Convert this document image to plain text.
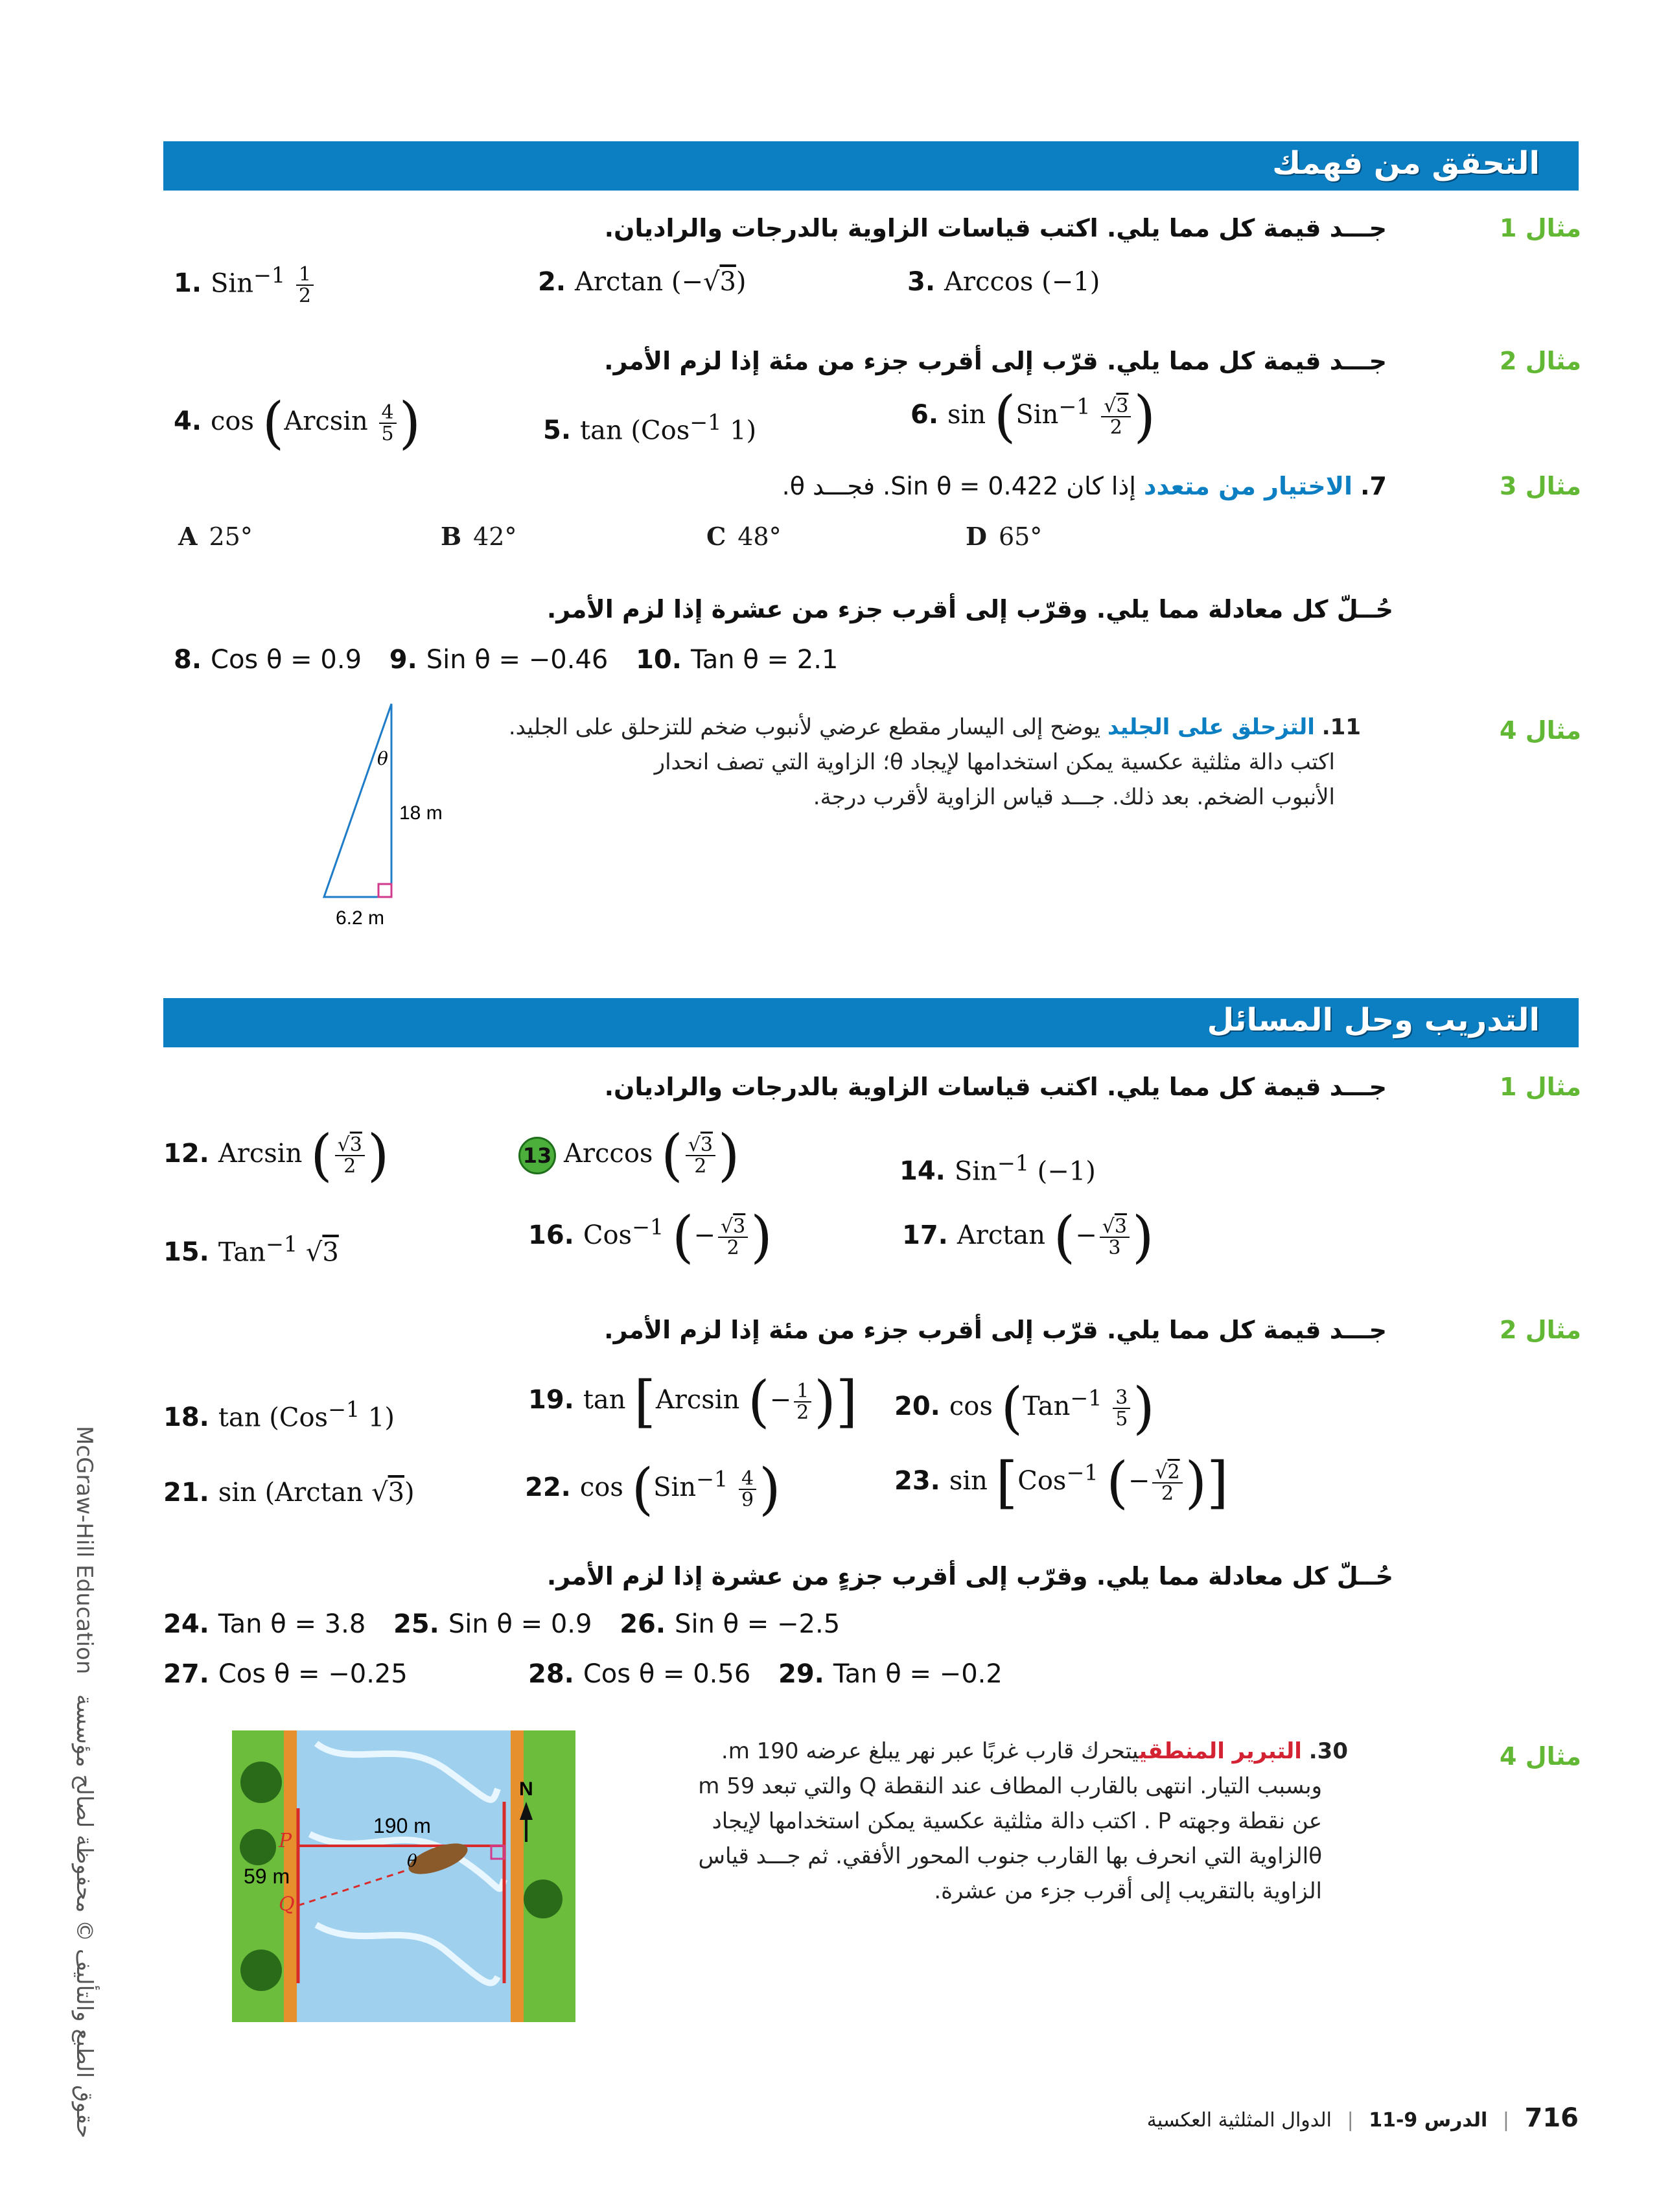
التحقق من فهمك
مثال 1
جـــد قيمة كل مما يلي. اكتب قياسات الزاوية بالدرجات والراديان.
1. $Sin^{-1} \frac{1}{2}$	2. Arctan (−√3)	3. Arccos (−1)
مثال 2
جـــد قيمة كل مما يلي. قرّب إلى أقرب جزء من مئة إذا لزم الأمر.
4. $\cos (Arcsin \frac{4}{5}$ )	5. tan (Cos$^{-1}$ 1)
6. $\sin (Sin^{-1} \frac{√3}{2}$ )
مثال 3
7. الاختيار من متعدد إذا كان Sin θ = 0.422. فجـــد θ.
A 25°	B 42°	C 48°	D 65°
حُــلّ كل معادلة مما يلي. وقرّب إلى أقرب جزء من عشرة إذا لزم الأمر.
8. Cos θ = 0.9 9. Sin θ = −0.46 10. Tan θ = 2.1
مثال 4
11. التزحلق على الجليد يوضح إلى اليسار مقطع عرضي لأنبوب ضخم للتزحلق على الجليد.
اكتب دالة مثلثية عكسية يمكن استخدامها لإيجاد θ؛ الزاوية التي تصف انحدار
الأنبوب الضخم. بعد ذلك. جـــد قياس الزاوية لأقرب درجة.
θ
18 m
6.2 m
التدريب وحل المسائل
مثال 1
جـــد قيمة كل مما يلي. اكتب قياسات الزاوية بالدرجات والراديان.
12. Arcsin ( $\frac{√3}{2}$ )	13 Arccos ( $\frac{√3}{2}$ )	14. Sin$^{-1}$ (−1)
15. Tan$^{-1}$ √3
16. Cos$^{-1}$ (− $\frac{√3}{2}$ )	17. Arctan (− $\frac{√3}{3}$ )
مثال 2
جـــد قيمة كل مما يلي. قرّب إلى أقرب جزء من مئة إذا لزم الأمر.
18. tan (Cos$^{-1}$ 1)
19. tan [Arcsin (− $\frac{1}{2}$ )] 20. $\cos (Tan^{-1} \frac{3}{5}$ )
21. sin (Arctan √3)	22. $\cos (Sin^{-1} \frac{4}{9}$ )	23. sin [Cos$^{-1}$ (− $\frac{√2}{2}$ )]
حُــلّ كل معادلة مما يلي. وقرّب إلى أقرب جزءٍ من عشرة إذا لزم الأمر.
24. Tan θ = 3.8 25. Sin θ = 0.9 26. Sin θ = −2.5
27. Cos θ = −0.25	28. Cos θ = 0.56 29. Tan θ = −0.2
مثال 4
30. التبرير المنطقييتحرك قارب غربًا عبر نهر يبلغ عرضه 190 m.
وبسبب التيار. انتهى بالقارب المطاف عند النقطة Q والتي تبعد 59 m
عن نقطة وجهته P . اكتب دالة مثلثية عكسية يمكن استخدامها لإيجاد
θالزاوية التي انحرف بها القارب جنوب المحور الأفقي. ثم جـــد قياس
الزاوية بالتقريب إلى أقرب جزء من عشرة.
N
190 m
θ
P
Q
59 m
McGraw-Hill Education حقوق الطبع والتأليف © محفوظة لصالح مؤسسة	716 | الدرس 9-11 | الدوال المثلثية العكسية
